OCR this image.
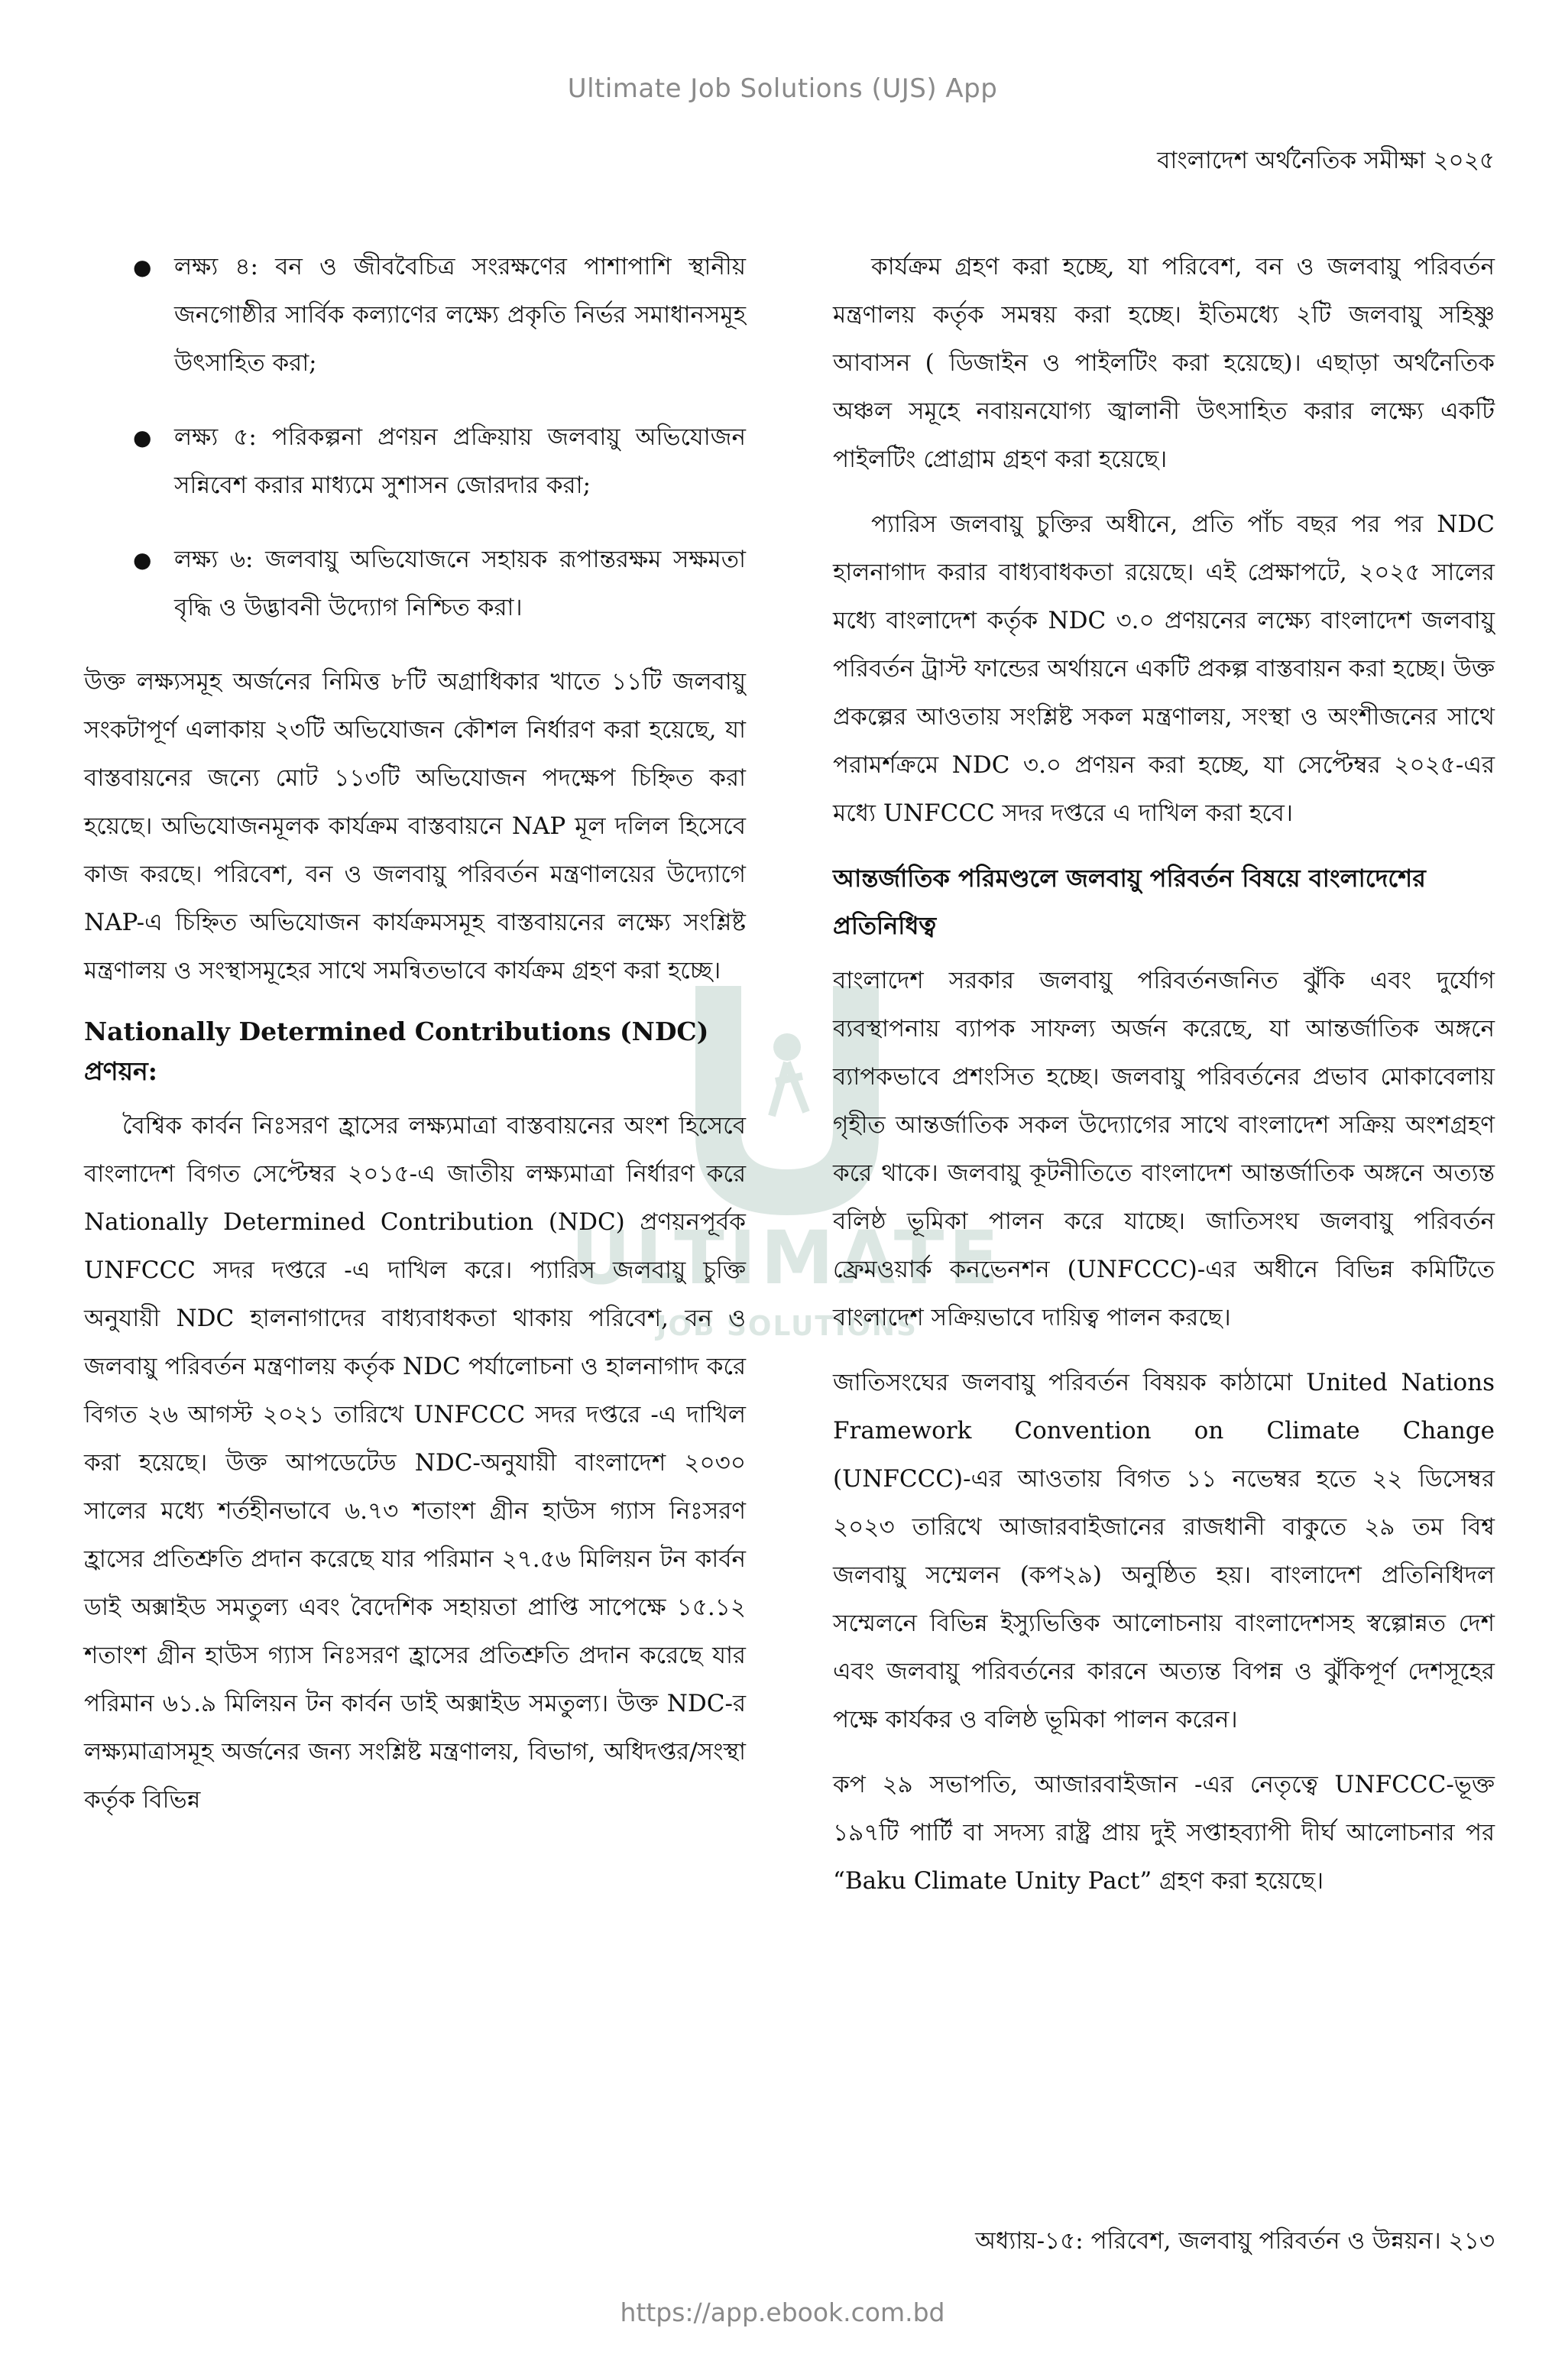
Ultimate Job Solutions (UJS) App
বাংলাদেশ অর্থনৈতিক সমীক্ষা ২০২৫
ULTIMATE
JOB SOLUTIONS
● লক্ষ্য ৪: বন ও জীববৈচিত্র সংরক্ষণের পাশাপাশি স্থানীয় জনগোষ্ঠীর সার্বিক কল্যাণের লক্ষ্যে প্রকৃতি নির্ভর সমাধানসমূহ উৎসাহিত করা;
● লক্ষ্য ৫: পরিকল্পনা প্রণয়ন প্রক্রিয়ায় জলবায়ু অভিযোজন সন্নিবেশ করার মাধ্যমে সুশাসন জোরদার করা;
● লক্ষ্য ৬: জলবায়ু অভিযোজনে সহায়ক রূপান্তরক্ষম সক্ষমতা বৃদ্ধি ও উদ্ভাবনী উদ্যোগ নিশ্চিত করা।

উক্ত লক্ষ্যসমূহ অর্জনের নিমিত্ত ৮টি অগ্রাধিকার খাতে ১১টি জলবায়ু সংকটাপূর্ণ এলাকায় ২৩টি অভিযোজন কৌশল নির্ধারণ করা হয়েছে, যা বাস্তবায়নের জন্যে মোট ১১৩টি অভিযোজন পদক্ষেপ চিহ্নিত করা হয়েছে। অভিযোজনমূলক কার্যক্রম বাস্তবায়নে NAP মূল দলিল হিসেবে কাজ করছে। পরিবেশ, বন ও জলবায়ু পরিবর্তন মন্ত্রণালয়ের উদ্যোগে NAP-এ চিহ্নিত অভিযোজন কার্যক্রমসমূহ বাস্তবায়নের লক্ষ্যে সংশ্লিষ্ট মন্ত্রণালয় ও সংস্থাসমূহের সাথে সমন্বিতভাবে কার্যক্রম গ্রহণ করা হচ্ছে।

Nationally Determined Contributions (NDC) প্রণয়ন:

বৈশ্বিক কার্বন নিঃসরণ হ্রাসের লক্ষ্যমাত্রা বাস্তবায়নের অংশ হিসেবে বাংলাদেশ বিগত সেপ্টেম্বর ২০১৫-এ জাতীয় লক্ষ্যমাত্রা নির্ধারণ করে Nationally Determined Contribution (NDC) প্রণয়নপূর্বক UNFCCC সদর দপ্তরে -এ দাখিল করে। প্যারিস জলবায়ু চুক্তি অনুযায়ী NDC হালনাগাদের বাধ্যবাধকতা থাকায় পরিবেশ, বন ও জলবায়ু পরিবর্তন মন্ত্রণালয় কর্তৃক NDC পর্যালোচনা ও হালনাগাদ করে বিগত ২৬ আগস্ট ২০২১ তারিখে UNFCCC সদর দপ্তরে -এ দাখিল করা হয়েছে। উক্ত আপডেটেড NDC-অনুযায়ী বাংলাদেশ ২০৩০ সালের মধ্যে শর্তহীনভাবে ৬.৭৩ শতাংশ গ্রীন হাউস গ্যাস নিঃসরণ হ্রাসের প্রতিশ্রুতি প্রদান করেছে যার পরিমান ২৭.৫৬ মিলিয়ন টন কার্বন ডাই অক্সাইড সমতুল্য এবং বৈদেশিক সহায়তা প্রাপ্তি সাপেক্ষে ১৫.১২ শতাংশ গ্রীন হাউস গ্যাস নিঃসরণ হ্রাসের প্রতিশ্রুতি প্রদান করেছে যার পরিমান ৬১.৯ মিলিয়ন টন কার্বন ডাই অক্সাইড সমতুল্য। উক্ত NDC-র লক্ষ্যমাত্রাসমূহ অর্জনের জন্য সংশ্লিষ্ট মন্ত্রণালয়, বিভাগ, অধিদপ্তর/সংস্থা কর্তৃক বিভিন্ন

কার্যক্রম গ্রহণ করা হচ্ছে, যা পরিবেশ, বন ও জলবায়ু পরিবর্তন মন্ত্রণালয় কর্তৃক সমন্বয় করা হচ্ছে। ইতিমধ্যে ২টি জলবায়ু সহিষ্ণু আবাসন ( ডিজাইন ও পাইলটিং করা হয়েছে)। এছাড়া অর্থনৈতিক অঞ্চল সমূহে নবায়নযোগ্য জ্বালানী উৎসাহিত করার লক্ষ্যে একটি পাইলটিং প্রোগ্রাম গ্রহণ করা হয়েছে।

প্যারিস জলবায়ু চুক্তির অধীনে, প্রতি পাঁচ বছর পর পর NDC হালনাগাদ করার বাধ্যবাধকতা রয়েছে। এই প্রেক্ষাপটে, ২০২৫ সালের মধ্যে বাংলাদেশ কর্তৃক NDC ৩.০ প্রণয়নের লক্ষ্যে বাংলাদেশ জলবায়ু পরিবর্তন ট্রাস্ট ফান্ডের অর্থায়নে একটি প্রকল্প বাস্তবায়ন করা হচ্ছে। উক্ত প্রকল্পের আওতায় সংশ্লিষ্ট সকল মন্ত্রণালয়, সংস্থা ও অংশীজনের সাথে পরামর্শক্রমে NDC ৩.০ প্রণয়ন করা হচ্ছে, যা সেপ্টেম্বর ২০২৫-এর মধ্যে UNFCCC সদর দপ্তরে এ দাখিল করা হবে।

আন্তর্জাতিক পরিমণ্ডলে জলবায়ু পরিবর্তন বিষয়ে বাংলাদেশের প্রতিনিধিত্ব

বাংলাদেশ সরকার জলবায়ু পরিবর্তনজনিত ঝুঁকি এবং দুর্যোগ ব্যবস্থাপনায় ব্যাপক সাফল্য অর্জন করেছে, যা আন্তর্জাতিক অঙ্গনে ব্যাপকভাবে প্রশংসিত হচ্ছে। জলবায়ু পরিবর্তনের প্রভাব মোকাবেলায় গৃহীত আন্তর্জাতিক সকল উদ্যোগের সাথে বাংলাদেশ সক্রিয় অংশগ্রহণ করে থাকে। জলবায়ু কূটনীতিতে বাংলাদেশ আন্তর্জাতিক অঙ্গনে অত্যন্ত বলিষ্ঠ ভূমিকা পালন করে যাচ্ছে। জাতিসংঘ জলবায়ু পরিবর্তন ফ্রেমওয়ার্ক কনভেনশন (UNFCCC)-এর অধীনে বিভিন্ন কমিটিতে বাংলাদেশ সক্রিয়ভাবে দায়িত্ব পালন করছে।

জাতিসংঘের জলবায়ু পরিবর্তন বিষয়ক কাঠামো United Nations Framework Convention on Climate Change (UNFCCC)-এর আওতায় বিগত ১১ নভেম্বর হতে ২২ ডিসেম্বর ২০২৩ তারিখে আজারবাইজানের রাজধানী বাকুতে ২৯ তম বিশ্ব জলবায়ু সম্মেলন (কপ২৯) অনুষ্ঠিত হয়। বাংলাদেশ প্রতিনিধিদল সম্মেলনে বিভিন্ন ইস্যুভিত্তিক আলোচনায় বাংলাদেশসহ স্বল্পোন্নত দেশ এবং জলবায়ু পরিবর্তনের কারনে অত্যন্ত বিপন্ন ও ঝুঁকিপূর্ণ দেশসূহের পক্ষে কার্যকর ও বলিষ্ঠ ভূমিকা পালন করেন।

কপ ২৯ সভাপতি, আজারবাইজান -এর নেতৃত্বে UNFCCC-ভূক্ত ১৯৭টি পার্টি বা সদস্য রাষ্ট্র প্রায় দুই সপ্তাহব্যাপী দীর্ঘ আলোচনার পর “Baku Climate Unity Pact” গ্রহণ করা হয়েছে।

অধ্যায়-১৫: পরিবেশ, জলবায়ু পরিবর্তন ও উন্নয়ন। ২১৩
https://app.ebook.com.bd
